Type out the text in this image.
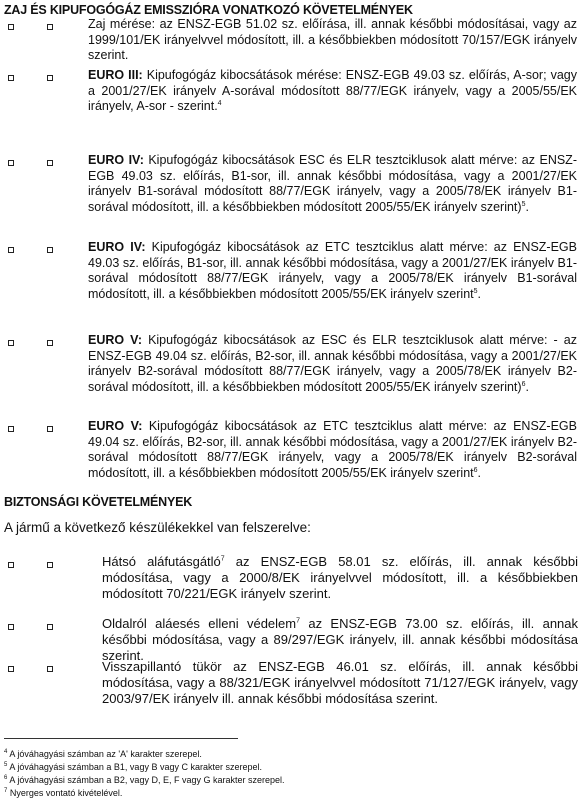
ZAJ ÉS KIPUFOGÓGÁZ EMISSZIÓRA VONATKOZÓ KÖVETELMÉNYEK
Zaj mérése: az ENSZ-EGB 51.02 sz. előírása, ill. annak későbbi módosításai, vagy az 1999/101/EK irányelvvel módosított, ill. a későbbiekben módosított 70/157/EGK irányelv szerint.
EURO III: Kipufogógáz kibocsátások mérése: ENSZ-EGB 49.03 sz. előírás, A-sor; vagy a 2001/27/EK irányelv A-sorával módosított 88/77/EGK irányelv, vagy a 2005/55/EK irányelv, A-sor - szerint.$^4$
EURO IV: Kipufogógáz kibocsátások ESC és ELR tesztciklusok alatt mérve: az ENSZ-EGB 49.03 sz. előírás, B1-sor, ill. annak későbbi módosítása, vagy a 2001/27/EK irányelv B1-sorával módosított 88/77/EGK irányelv, vagy a 2005/78/EK irányelv B1-sorával módosított, ill. a későbbiekben módosított 2005/55/EK irányelv szerint)$^5$.
EURO IV: Kipufogógáz kibocsátások az ETC tesztciklus alatt mérve: az ENSZ-EGB 49.03 sz. előírás, B1-sor, ill. annak későbbi módosítása, vagy a 2001/27/EK irányelv B1-sorával módosított 88/77/EGK irányelv, vagy a 2005/78/EK irányelv B1-sorával módosított, ill. a későbbiekben módosított 2005/55/EK irányelv szerint$^5$.
EURO V: Kipufogógáz kibocsátások az ESC és ELR tesztciklusok alatt mérve: - az ENSZ-EGB 49.04 sz. előírás, B2-sor, ill. annak későbbi módosítása, vagy a 2001/27/EK irányelv B2-sorával módosított 88/77/EGK irányelv, vagy a 2005/78/EK irányelv B2-sorával módosított, ill. a későbbiekben módosított 2005/55/EK irányelv szerint)$^6$.
EURO V: Kipufogógáz kibocsátások az ETC tesztciklus alatt mérve: az ENSZ-EGB 49.04 sz. előírás, B2-sor, ill. annak későbbi módosítása, vagy a 2001/27/EK irányelv B2-sorával módosított 88/77/EGK irányelv, vagy a 2005/78/EK irányelv B2-sorával módosított, ill. a későbbiekben módosított 2005/55/EK irányelv szerint$^6$.
BIZTONSÁGI KÖVETELMÉNYEK
A jármű a következő készülékekkel van felszerelve:
Hátsó aláfutásgátló$^7$ az ENSZ-EGB 58.01 sz. előírás, ill. annak későbbi módosítása, vagy a 2000/8/EK irányelvvel módosított, ill. a későbbiekben módosított 70/221/EGK irányelv szerint.
Oldalról aláesés elleni védelem$^7$ az ENSZ-EGB 73.00 sz. előírás, ill. annak későbbi módosítása, vagy a 89/297/EGK irányelv, ill. annak későbbi módosítása szerint.
Visszapillantó tükör az ENSZ-EGB 46.01 sz. előírás, ill. annak későbbi módosítása, vagy a 88/321/EGK irányelvvel módosított 71/127/EGK irányelv, vagy 2003/97/EK irányelv ill. annak későbbi módosítása szerint.
$^4$ A jóváhagyási számban az 'A' karakter szerepel.
$^5$ A jóváhagyási számban a B1, vagy B vagy C karakter szerepel.
$^6$ A jóváhagyási számban a B2, vagy D, E, F vagy G karakter szerepel.
$^7$ Nyerges vontató kivételével.
